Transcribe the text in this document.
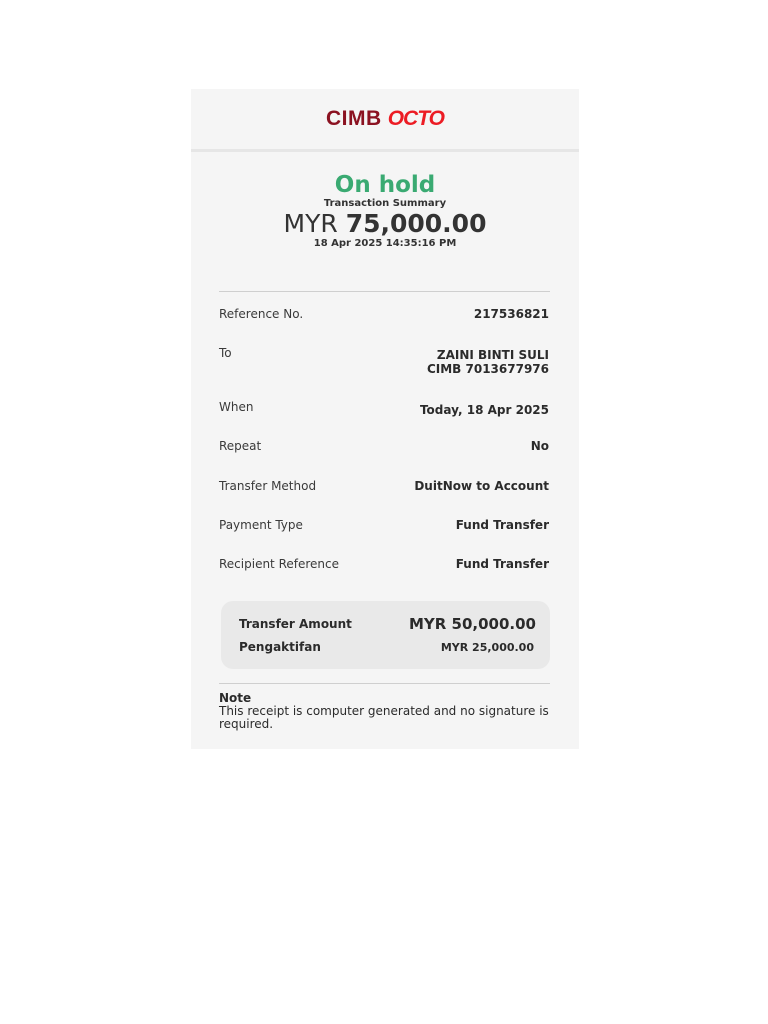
CIMB OCTO
On hold
Transaction Summary
MYR 75,000.00
18 Apr 2025 14:35:16 PM
Reference No.	217536821
To	ZAINI BINTI SULI
CIMB 7013677976
When	Today, 18 Apr 2025
Repeat	No
Transfer Method	DuitNow to Account
Payment Type	Fund Transfer
Recipient Reference	Fund Transfer
Transfer Amount	MYR 50,000.00
Pengaktifan	MYR 25,000.00
Note
This receipt is computer generated and no signature is required.
